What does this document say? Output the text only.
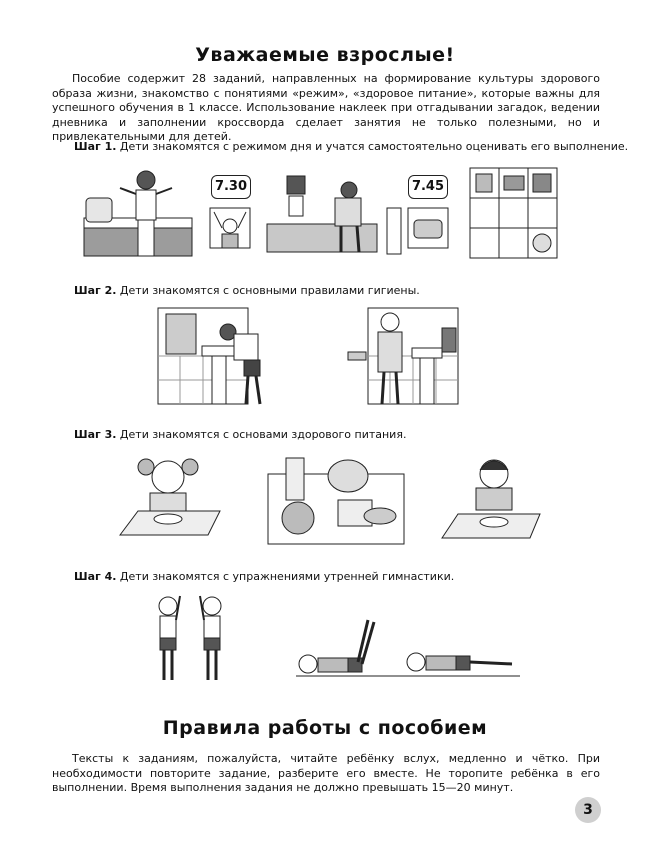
Уважаемые взрослые!
Пособие содержит 28 заданий, направленных на формирование культуры здорового образа жизни, знакомство с понятиями «режим», «здоровое питание», которые важны для успешного обучения в 1 классе. Использование наклеек при отгадывании загадок, ведении дневника и заполнении кроссворда сделает занятия не только полезными, но и привлекательными для детей.
Шаг 1. Дети знакомятся с режимом дня и учатся самостоятельно оценивать его выполнение.
7.30	7.45
Шаг 2. Дети знакомятся с основными правилами гигиены.
Шаг 3. Дети знакомятся с основами здорового питания.
Шаг 4. Дети знакомятся с упражнениями утренней гимнастики.
Правила работы с пособием
Тексты к заданиям, пожалуйста, читайте ребёнку вслух, медленно и чётко. При необходимости повторите задание, разберите его вместе. Не торопите ребёнка в его выполнении. Время выполнения задания не должно превышать 15—20 минут.
3
